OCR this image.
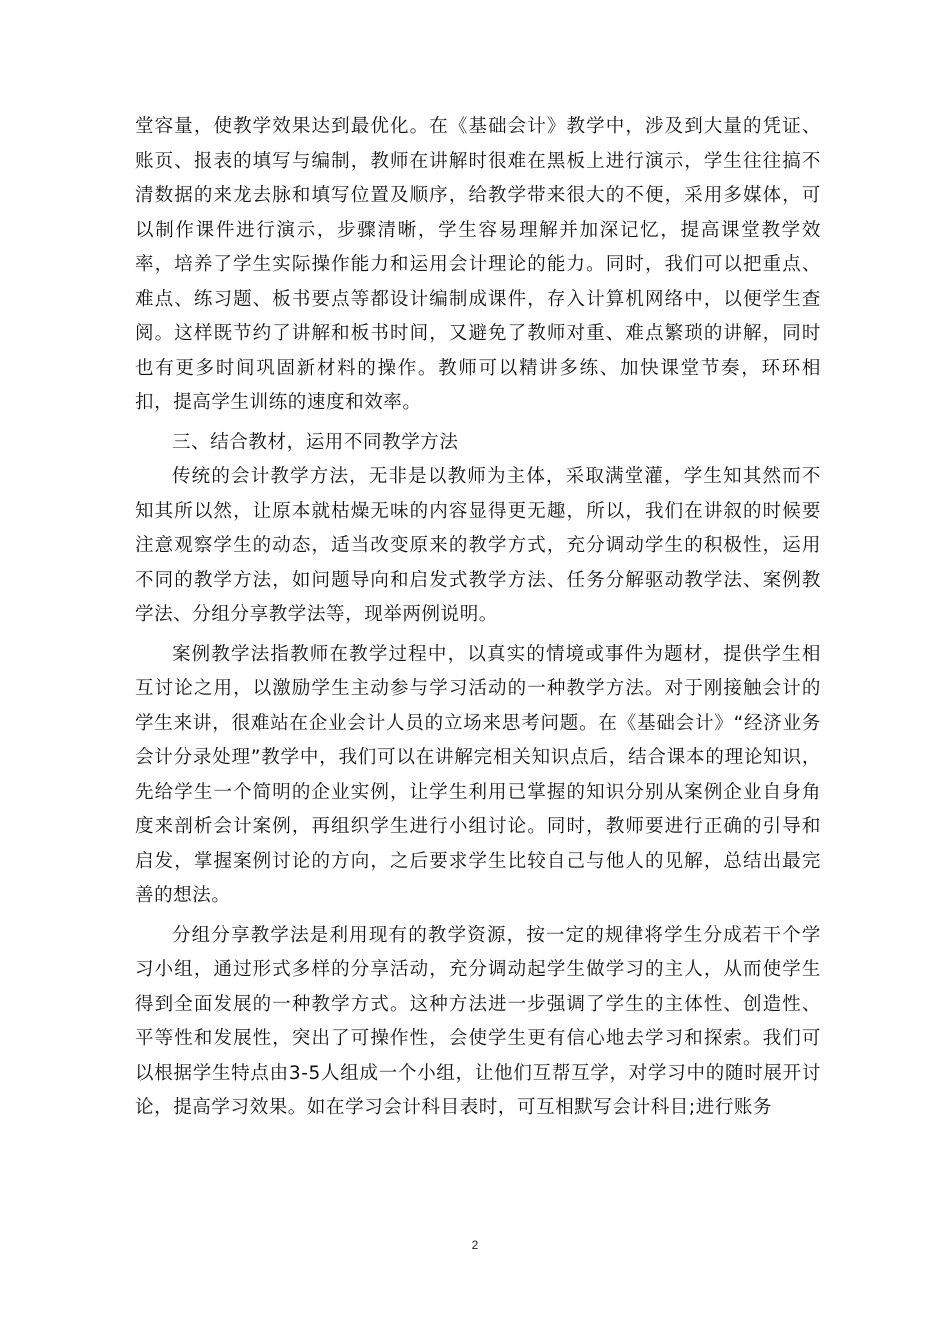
堂容量，使教学效果达到最优化。在《基础会计》教学中，涉及到大量的凭证、账页、报表的填写与编制，教师在讲解时很难在黑板上进行演示，学生往往搞不清数据的来龙去脉和填写位置及顺序，给教学带来很大的不便，采用多媒体，可以制作课件进行演示，步骤清晰，学生容易理解并加深记忆，提高课堂教学效率，培养了学生实际操作能力和运用会计理论的能力。同时，我们可以把重点、难点、练习题、板书要点等都设计编制成课件，存入计算机网络中，以便学生查阅。这样既节约了讲解和板书时间，又避免了教师对重、难点繁琐的讲解，同时也有更多时间巩固新材料的操作。教师可以精讲多练、加快课堂节奏，环环相扣，提高学生训练的速度和效率。

三、结合教材，运用不同教学方法

传统的会计教学方法，无非是以教师为主体，采取满堂灌，学生知其然而不知其所以然，让原本就枯燥无味的内容显得更无趣，所以，我们在讲叙的时候要注意观察学生的动态，适当改变原来的教学方式，充分调动学生的积极性，运用不同的教学方法，如问题导向和启发式教学方法、任务分解驱动教学法、案例教学法、分组分享教学法等，现举两例说明。

案例教学法指教师在教学过程中，以真实的情境或事件为题材，提供学生相互讨论之用，以激励学生主动参与学习活动的一种教学方法。对于刚接触会计的学生来讲，很难站在企业会计人员的立场来思考问题。在《基础会计》“经济业务会计分录处理”教学中，我们可以在讲解完相关知识点后，结合课本的理论知识，先给学生一个简明的企业实例，让学生利用已掌握的知识分别从案例企业自身角度来剖析会计案例，再组织学生进行小组讨论。同时，教师要进行正确的引导和启发，掌握案例讨论的方向，之后要求学生比较自己与他人的见解，总结出最完善的想法。

分组分享教学法是利用现有的教学资源，按一定的规律将学生分成若干个学习小组，通过形式多样的分享活动，充分调动起学生做学习的主人，从而使学生得到全面发展的一种教学方式。这种方法进一步强调了学生的主体性、创造性、平等性和发展性，突出了可操作性，会使学生更有信心地去学习和探索。我们可以根据学生特点由3-5人组成一个小组，让他们互帮互学，对学习中的随时展开讨论，提高学习效果。如在学习会计科目表时，可互相默写会计科目;进行账务

2
